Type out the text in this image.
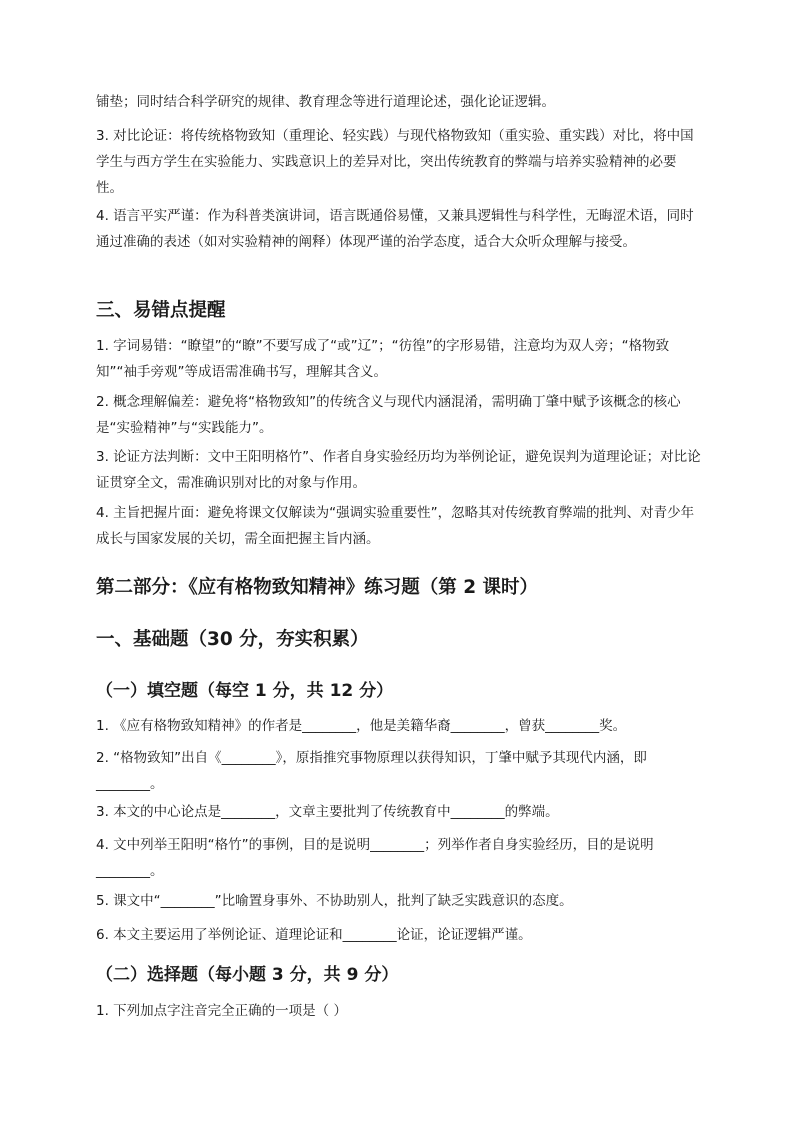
铺垫；同时结合科学研究的规律、教育理念等进行道理论述，强化论证逻辑。

3. 对比论证：将传统格物致知（重理论、轻实践）与现代格物致知（重实验、重实践）对比，将中国学生与西方学生在实验能力、实践意识上的差异对比，突出传统教育的弊端与培养实验精神的必要性。

4. 语言平实严谨：作为科普类演讲词，语言既通俗易懂，又兼具逻辑性与科学性，无晦涩术语，同时通过准确的表述（如对实验精神的阐释）体现严谨的治学态度，适合大众听众理解与接受。

三、易错点提醒

1. 字词易错：“瞭望”的“瞭”不要写成了“或”辽”；“彷徨”的字形易错，注意均为双人旁；“格物致知”“袖手旁观”等成语需准确书写，理解其含义。

2. 概念理解偏差：避免将“格物致知”的传统含义与现代内涵混淆，需明确丁肇中赋予该概念的核心是“实验精神”与“实践能力”。

3. 论证方法判断：文中王阳明格竹”、作者自身实验经历均为举例论证，避免误判为道理论证；对比论证贯穿全文，需准确识别对比的对象与作用。

4. 主旨把握片面：避免将课文仅解读为“强调实验重要性”，忽略其对传统教育弊端的批判、对青少年成长与国家发展的关切，需全面把握主旨内涵。

第二部分：《应有格物致知精神》练习题（第 2 课时）
一、基础题（30 分，夯实积累）
（一）填空题（每空 1 分，共 12 分）

1. 《应有格物致知精神》的作者是________，他是美籍华裔________，曾获________奖。

2. “格物致知”出自《________》，原指推究事物原理以获得知识，丁肇中赋予其现代内涵，即________。

3. 本文的中心论点是________，文章主要批判了传统教育中________的弊端。

4. 文中列举王阳明“格竹”的事例，目的是说明________；列举作者自身实验经历，目的是说明________。

5. 课文中“________”比喻置身事外、不协助别人，批判了缺乏实践意识的态度。

6. 本文主要运用了举例论证、道理论证和________论证，论证逻辑严谨。

（二）选择题（每小题 3 分，共 9 分）

1. 下列加点字注音完全正确的一项是（ ）
